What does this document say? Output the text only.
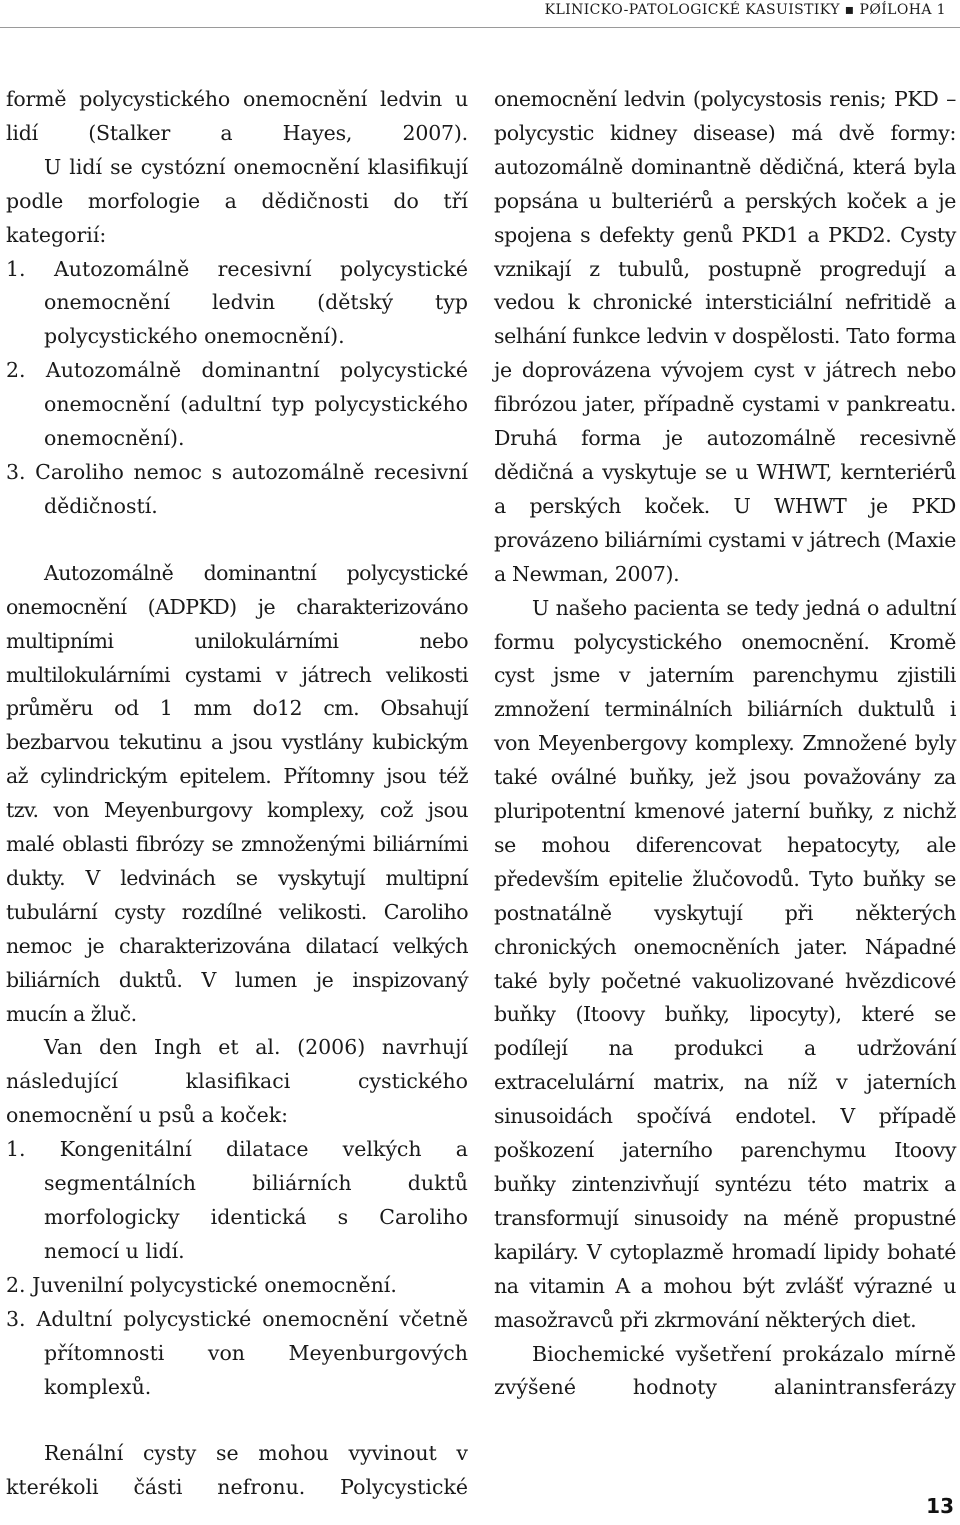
KLINICKO-PATOLOGICKÉ KASUISTIKY ▪ PØÍLOHA 1

formě polycystického onemocnění ledvin u lidí (Stalker a Hayes, 2007).

U lidí se cystózní onemocnění klasifikují podle morfologie a dědičnosti do tří kategorií:

1. Autozomálně recesivní polycystické onemocnění ledvin (dětský typ polycystického onemocnění).

2. Autozomálně dominantní polycystické onemocnění (adultní typ polycystického onemocnění).

3. Caroliho nemoc s autozomálně recesivní dědičností.

Autozomálně dominantní polycystické onemocnění (ADPKD) je charakterizováno multipními unilokulárními nebo multilokulárními cystami v játrech velikosti průměru od 1 mm do12 cm. Obsahují bezbarvou tekutinu a jsou vystlány kubickým až cylindrickým epitelem. Přítomny jsou též tzv. von Meyenburgovy komplexy, což jsou malé oblasti fibrózy se zmnoženými biliárními dukty. V ledvinách se vyskytují multipní tubulární cysty rozdílné velikosti. Caroliho nemoc je charakterizována dilatací velkých biliárních duktů. V lumen je inspizovaný mucín a žluč.

Van den Ingh et al. (2006) navrhují následující klasifikaci cystického onemocnění u psů a koček:

1. Kongenitální dilatace velkých a segmentálních biliárních duktů morfologicky identická s Caroliho nemocí u lidí.

2. Juvenilní polycystické onemocnění.

3. Adultní polycystické onemocnění včetně přítomnosti von Meyenburgových komplexů.

Renální cysty se mohou vyvinout v kterékoli části nefronu. Polycystické

onemocnění ledvin (polycystosis renis; PKD – polycystic kidney disease) má dvě formy: autozomálně dominantně dědičná, která byla popsána u bulteriérů a perských koček a je spojena s defekty genů PKD1 a PKD2. Cysty vznikají z tubulů, postupně progredují a vedou k chronické intersticiální nefritidě a selhání funkce ledvin v dospělosti. Tato forma je doprovázena vývojem cyst v játrech nebo fibrózou jater, případně cystami v pankreatu. Druhá forma je autozomálně recesivně dědičná a vyskytuje se u WHWT, kernteriérů a perských koček. U WHWT je PKD provázeno biliárními cystami v játrech (Maxie a Newman, 2007).

U našeho pacienta se tedy jedná o adultní formu polycystického onemocnění. Kromě cyst jsme v jaterním parenchymu zjistili zmnožení terminálních biliárních duktulů i von Meyenbergovy komplexy. Zmnožené byly také oválné buňky, jež jsou považovány za pluripotentní kmenové jaterní buňky, z nichž se mohou diferencovat hepatocyty, ale především epitelie žlučovodů. Tyto buňky se postnatálně vyskytují při některých chronických onemocněních jater. Nápadné také byly početné vakuolizované hvězdicové buňky (Itoovy buňky, lipocyty), které se podílejí na produkci a udržování extracelulární matrix, na níž v jaterních sinusoidách spočívá endotel. V případě poškození jaterního parenchymu Itoovy buňky zintenzivňují syntézu této matrix a transformují sinusoidy na méně propustné kapiláry. V cytoplazmě hromadí lipidy bohaté na vitamin A a mohou být zvlášť výrazné u masožravců při zkrmování některých diet.

Biochemické vyšetření prokázalo mírně zvýšené hodnoty alanintransferázy

13
